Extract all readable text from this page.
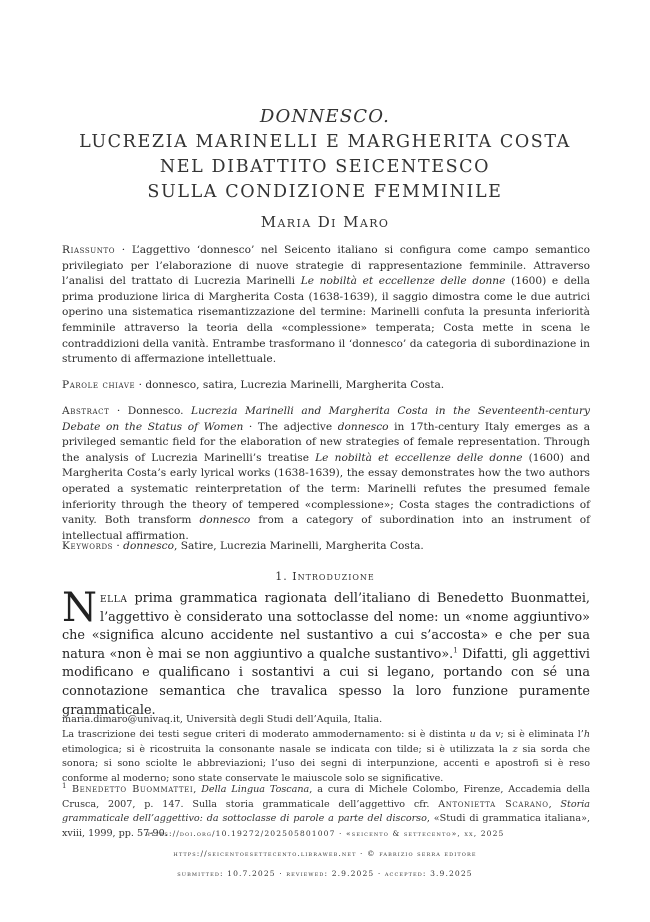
DONNESCO.
LUCREZIA MARINELLI E MARGHERITA COSTA
NEL DIBATTITO SEICENTESCO
SULLA CONDIZIONE FEMMINILE
Maria Di Maro
Riassunto · L’aggettivo ‘donnesco’ nel Seicento italiano si configura come campo semantico privilegiato per l’elaborazione di nuove strategie di rappresentazione femminile. Attraverso l’analisi del trattato di Lucrezia Marinelli Le nobiltà et eccellenze delle donne (1600) e della prima produzione lirica di Margherita Costa (1638-1639), il saggio dimostra come le due autrici operino una sistematica risemantizzazione del termine: Marinelli confuta la presunta inferiorità femminile attraverso la teoria della «complessione» temperata; Costa mette in scena le contraddizioni della vanità. Entrambe trasformano il ‘donnesco’ da categoria di subordinazione in strumento di affermazione intellettuale.
Parole chiave · donnesco, satira, Lucrezia Marinelli, Margherita Costa.
Abstract · Donnesco. Lucrezia Marinelli and Margherita Costa in the Seventeenth-century Debate on the Status of Women · The adjective donnesco in 17th-century Italy emerges as a privileged semantic field for the elaboration of new strategies of female representation. Through the analysis of Lucrezia Marinelli’s treatise Le nobiltà et eccellenze delle donne (1600) and Margherita Costa’s early lyrical works (1638-1639), the essay demonstrates how the two authors operated a systematic reinterpretation of the term: Marinelli refutes the presumed female inferiority through the theory of tempered «complessione»; Costa stages the contradictions of vanity. Both transform donnesco from a category of subordination into an instrument of intellectual affirmation.
Keywords · donnesco, Satire, Lucrezia Marinelli, Margherita Costa.
1. Introduzione
Nella prima grammatica ragionata dell’italiano di Benedetto Buonmattei, l’aggettivo è considerato una sottoclasse del nome: un «nome aggiuntivo» che «significa alcuno accidente nel sustantivo a cui s’accosta» e che per sua natura «non è mai se non aggiuntivo a qualche sustantivo».$^1$ Difatti, gli aggettivi modificano e qualificano i sostantivi a cui si legano, portando con sé una connotazione semantica che travalica spesso la loro funzione puramente grammaticale.
maria.dimaro@univaq.it, Università degli Studi dell’Aquila, Italia.
La trascrizione dei testi segue criteri di moderato ammodernamento: si è distinta u da v; si è eliminata l’h etimologica; si è ricostruita la consonante nasale se indicata con tilde; si è utilizzata la z sia sorda che sonora; si sono sciolte le abbreviazioni; l’uso dei segni di interpunzione, accenti e apostrofi si è reso conforme al moderno; sono state conservate le maiuscole solo se significative.
$^1$ Benedetto Buommattei, Della Lingua Toscana, a cura di Michele Colombo, Firenze, Accademia della Crusca, 2007, p. 147. Sulla storia grammaticale dell’aggettivo cfr. Antonietta Scarano, Storia grammaticale dell’aggettivo: da sottoclasse di parole a parte del discorso, «Studi di grammatica italiana», xviii, 1999, pp. 57-90.
https://doi.org/10.19272/202505801007 · «seicento & settecento», xx, 2025
https://seicentoesettecento.libraweb.net · © fabrizio serra editore
submitted: 10.7.2025 · reviewed: 2.9.2025 · accepted: 3.9.2025
